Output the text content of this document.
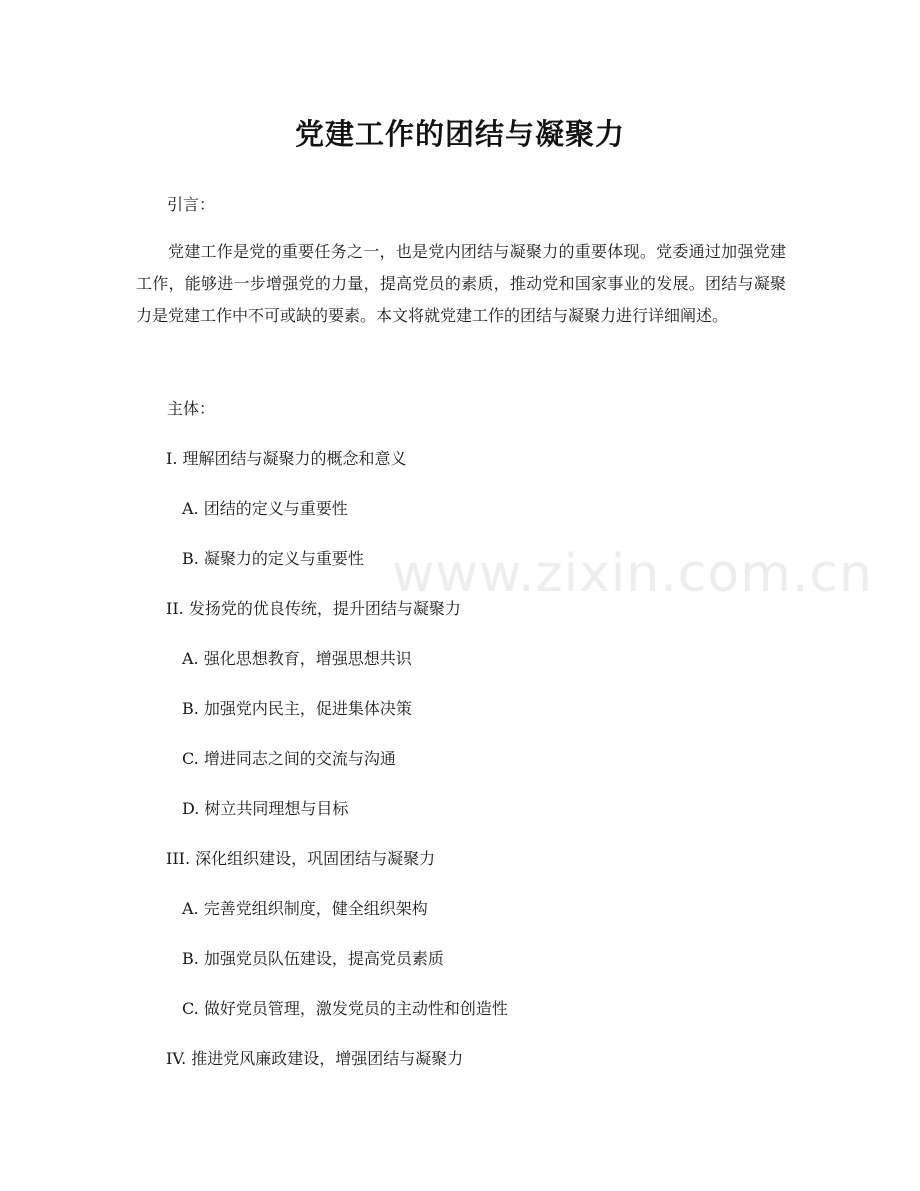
党建工作的团结与凝聚力

引言：

党建工作是党的重要任务之一，也是党内团结与凝聚力的重要体现。党委通过加强党建工作，能够进一步增强党的力量，提高党员的素质，推动党和国家事业的发展。团结与凝聚力是党建工作中不可或缺的要素。本文将就党建工作的团结与凝聚力进行详细阐述。

主体：

I. 理解团结与凝聚力的概念和意义
A. 团结的定义与重要性
B. 凝聚力的定义与重要性
II. 发扬党的优良传统，提升团结与凝聚力
A. 强化思想教育，增强思想共识
B. 加强党内民主，促进集体决策
C. 增进同志之间的交流与沟通
D. 树立共同理想与目标
III. 深化组织建设，巩固团结与凝聚力
A. 完善党组织制度，健全组织架构
B. 加强党员队伍建设，提高党员素质
C. 做好党员管理，激发党员的主动性和创造性
IV. 推进党风廉政建设，增强团结与凝聚力
www.zixin.com.cn
